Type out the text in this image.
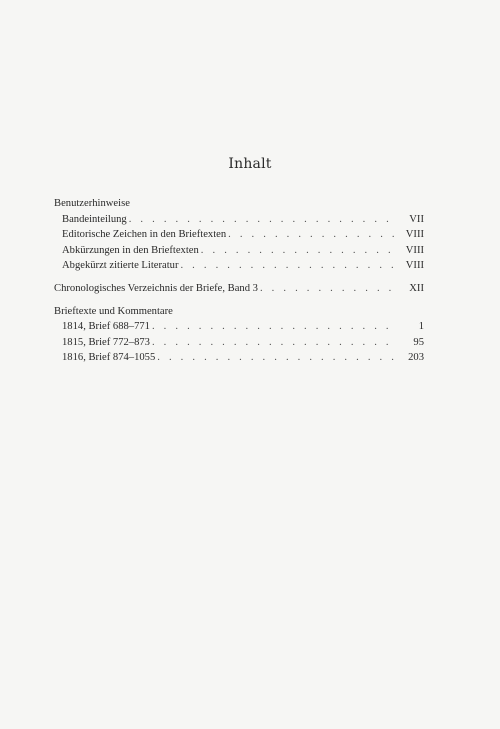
Inhalt
Benutzerhinweise
Bandeinteilung . . .	VII
Editorische Zeichen in den Brieftexten . . .	VIII
Abkürzungen in den Brieftexten . . .	VIII
Abgekürzt zitierte Literatur . . .	VIII
Chronologisches Verzeichnis der Briefe, Band 3 . . .	XII
Brieftexte und Kommentare
1814, Brief 688–771 . . .	1
1815, Brief 772–873 . . .	95
1816, Brief 874–1055 . . .	203
